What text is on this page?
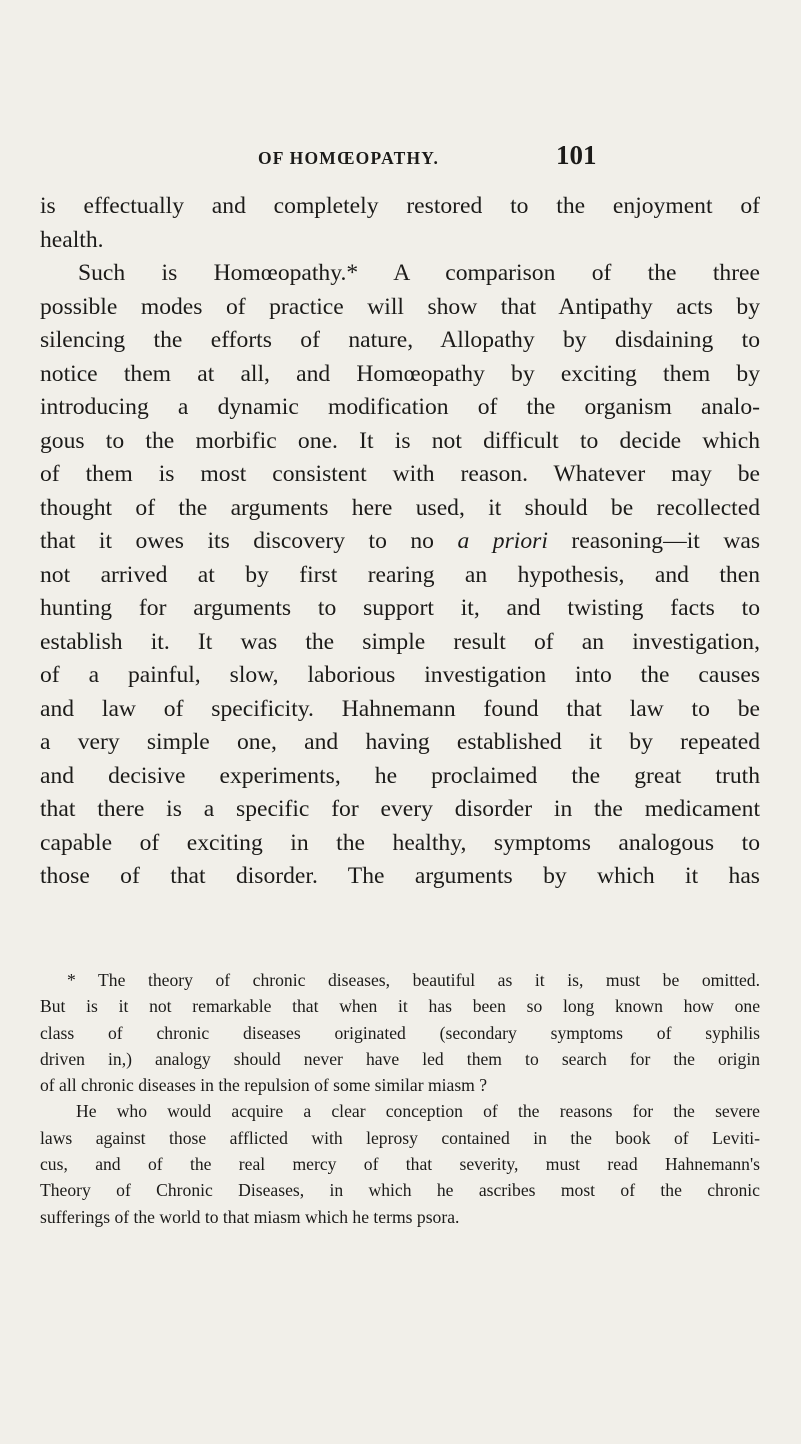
OF HOMŒOPATHY.	101
is effectually and completely restored to the enjoyment of
health.
Such is Homœopathy.* A comparison of the three
possible modes of practice will show that Antipathy acts by
silencing the efforts of nature, Allopathy by disdaining to
notice them at all, and Homœopathy by exciting them by
introducing a dynamic modification of the organism analo-
gous to the morbific one. It is not difficult to decide which
of them is most consistent with reason. Whatever may be
thought of the arguments here used, it should be recollected
that it owes its discovery to no a priori reasoning—it was
not arrived at by first rearing an hypothesis, and then
hunting for arguments to support it, and twisting facts to
establish it. It was the simple result of an investigation,
of a painful, slow, laborious investigation into the causes
and law of specificity. Hahnemann found that law to be
a very simple one, and having established it by repeated
and decisive experiments, he proclaimed the great truth
that there is a specific for every disorder in the medicament
capable of exciting in the healthy, symptoms analogous to
those of that disorder. The arguments by which it has
* The theory of chronic diseases, beautiful as it is, must be omitted.
But is it not remarkable that when it has been so long known how one
class of chronic diseases originated (secondary symptoms of syphilis
driven in,) analogy should never have led them to search for the origin
of all chronic diseases in the repulsion of some similar miasm ?
He who would acquire a clear conception of the reasons for the severe
laws against those afflicted with leprosy contained in the book of Leviti-
cus, and of the real mercy of that severity, must read Hahnemann's
Theory of Chronic Diseases, in which he ascribes most of the chronic
sufferings of the world to that miasm which he terms psora.
